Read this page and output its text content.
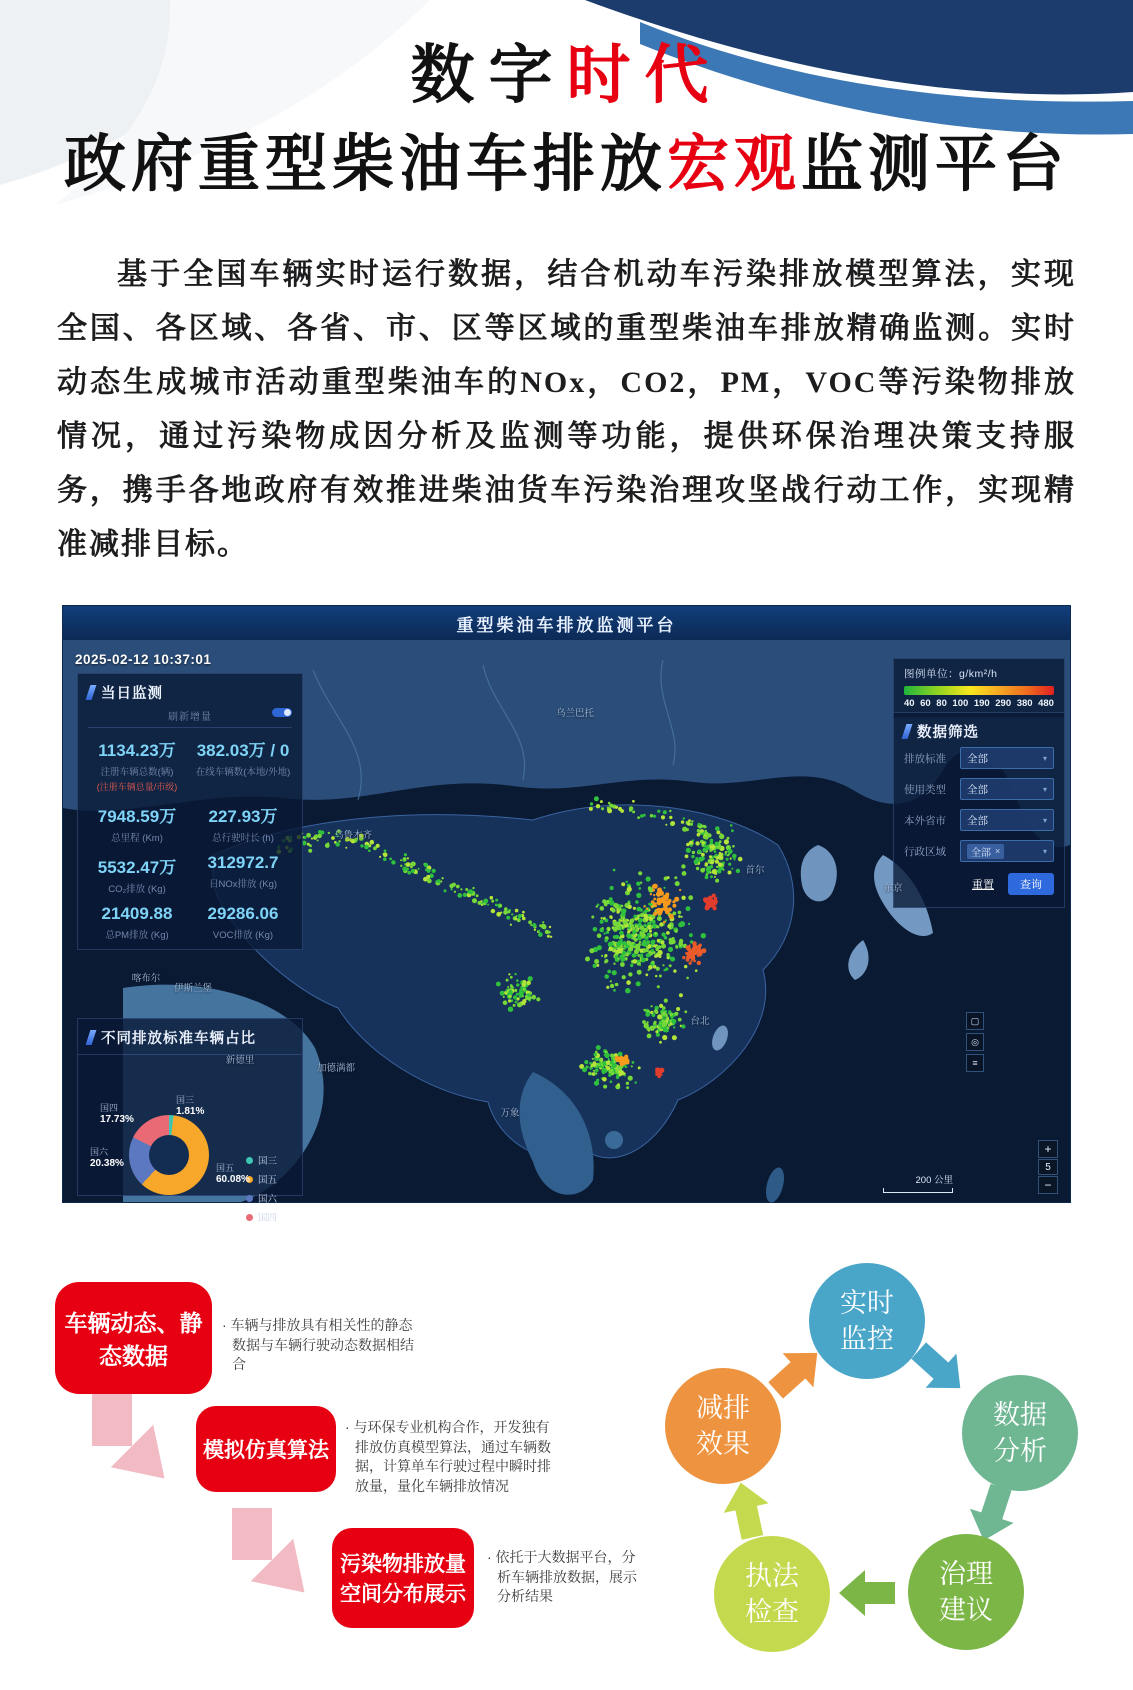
数字时代
政府重型柴油车排放宏观监测平台

基于全国车辆实时运行数据，结合机动车污染排放模型算法，实现全国、各区域、各省、市、区等区域的重型柴油车排放精确监测。实时动态生成城市活动重型柴油车的NOx，CO2，PM，VOC等污染物排放情况，通过污染物成因分析及监测等功能，提供环保治理决策支持服务，携手各地政府有效推进柴油货车污染治理攻坚战行动工作，实现精准减排目标。

重型柴油车排放监测平台
2025-02-12 10:37:01
当日监测
刷新增量
1134.23万
注册车辆总数(辆)
(注册车辆总量/市级)
382.03万 / 0
在线车辆数(本地/外地)
7948.59万
总里程 (Km)
227.93万
总行驶时长 (h)
5532.47万
CO₂排放 (Kg)
312972.7
日NOx排放 (Kg)
21409.88
总PM排放 (Kg)
29286.06
VOC排放 (Kg)
不同排放标准车辆占比
国三
国五
国六
国四
国三
1.81%
国四
17.73%
国六
20.38%	国五
60.08%
图例单位：g/km²/h
40 60 80 100 190 290 380 480
数据筛选
排放标准	全部	▾
使用类型	全部	▾
本外省市	全部	▾
行政区域	全部 ×	▾
重置	查询
乌兰巴托
乌鲁木齐
喀布尔
伊斯兰堡
新德里
加德满都
万象
台北
首尔
东京
▢
◎
≡
+
5
−
200 公里
车辆动态、静态数据
· 车辆与排放具有相关性的静态数据与车辆行驶动态数据相结合
模拟仿真算法
· 与环保专业机构合作，开发独有排放仿真模型算法，通过车辆数据，计算单车行驶过程中瞬时排放量，量化车辆排放情况
污染物排放量空间分布展示
· 依托于大数据平台，分析车辆排放数据，展示分析结果
实时监控
数据分析
治理建议
执法检查
减排效果
